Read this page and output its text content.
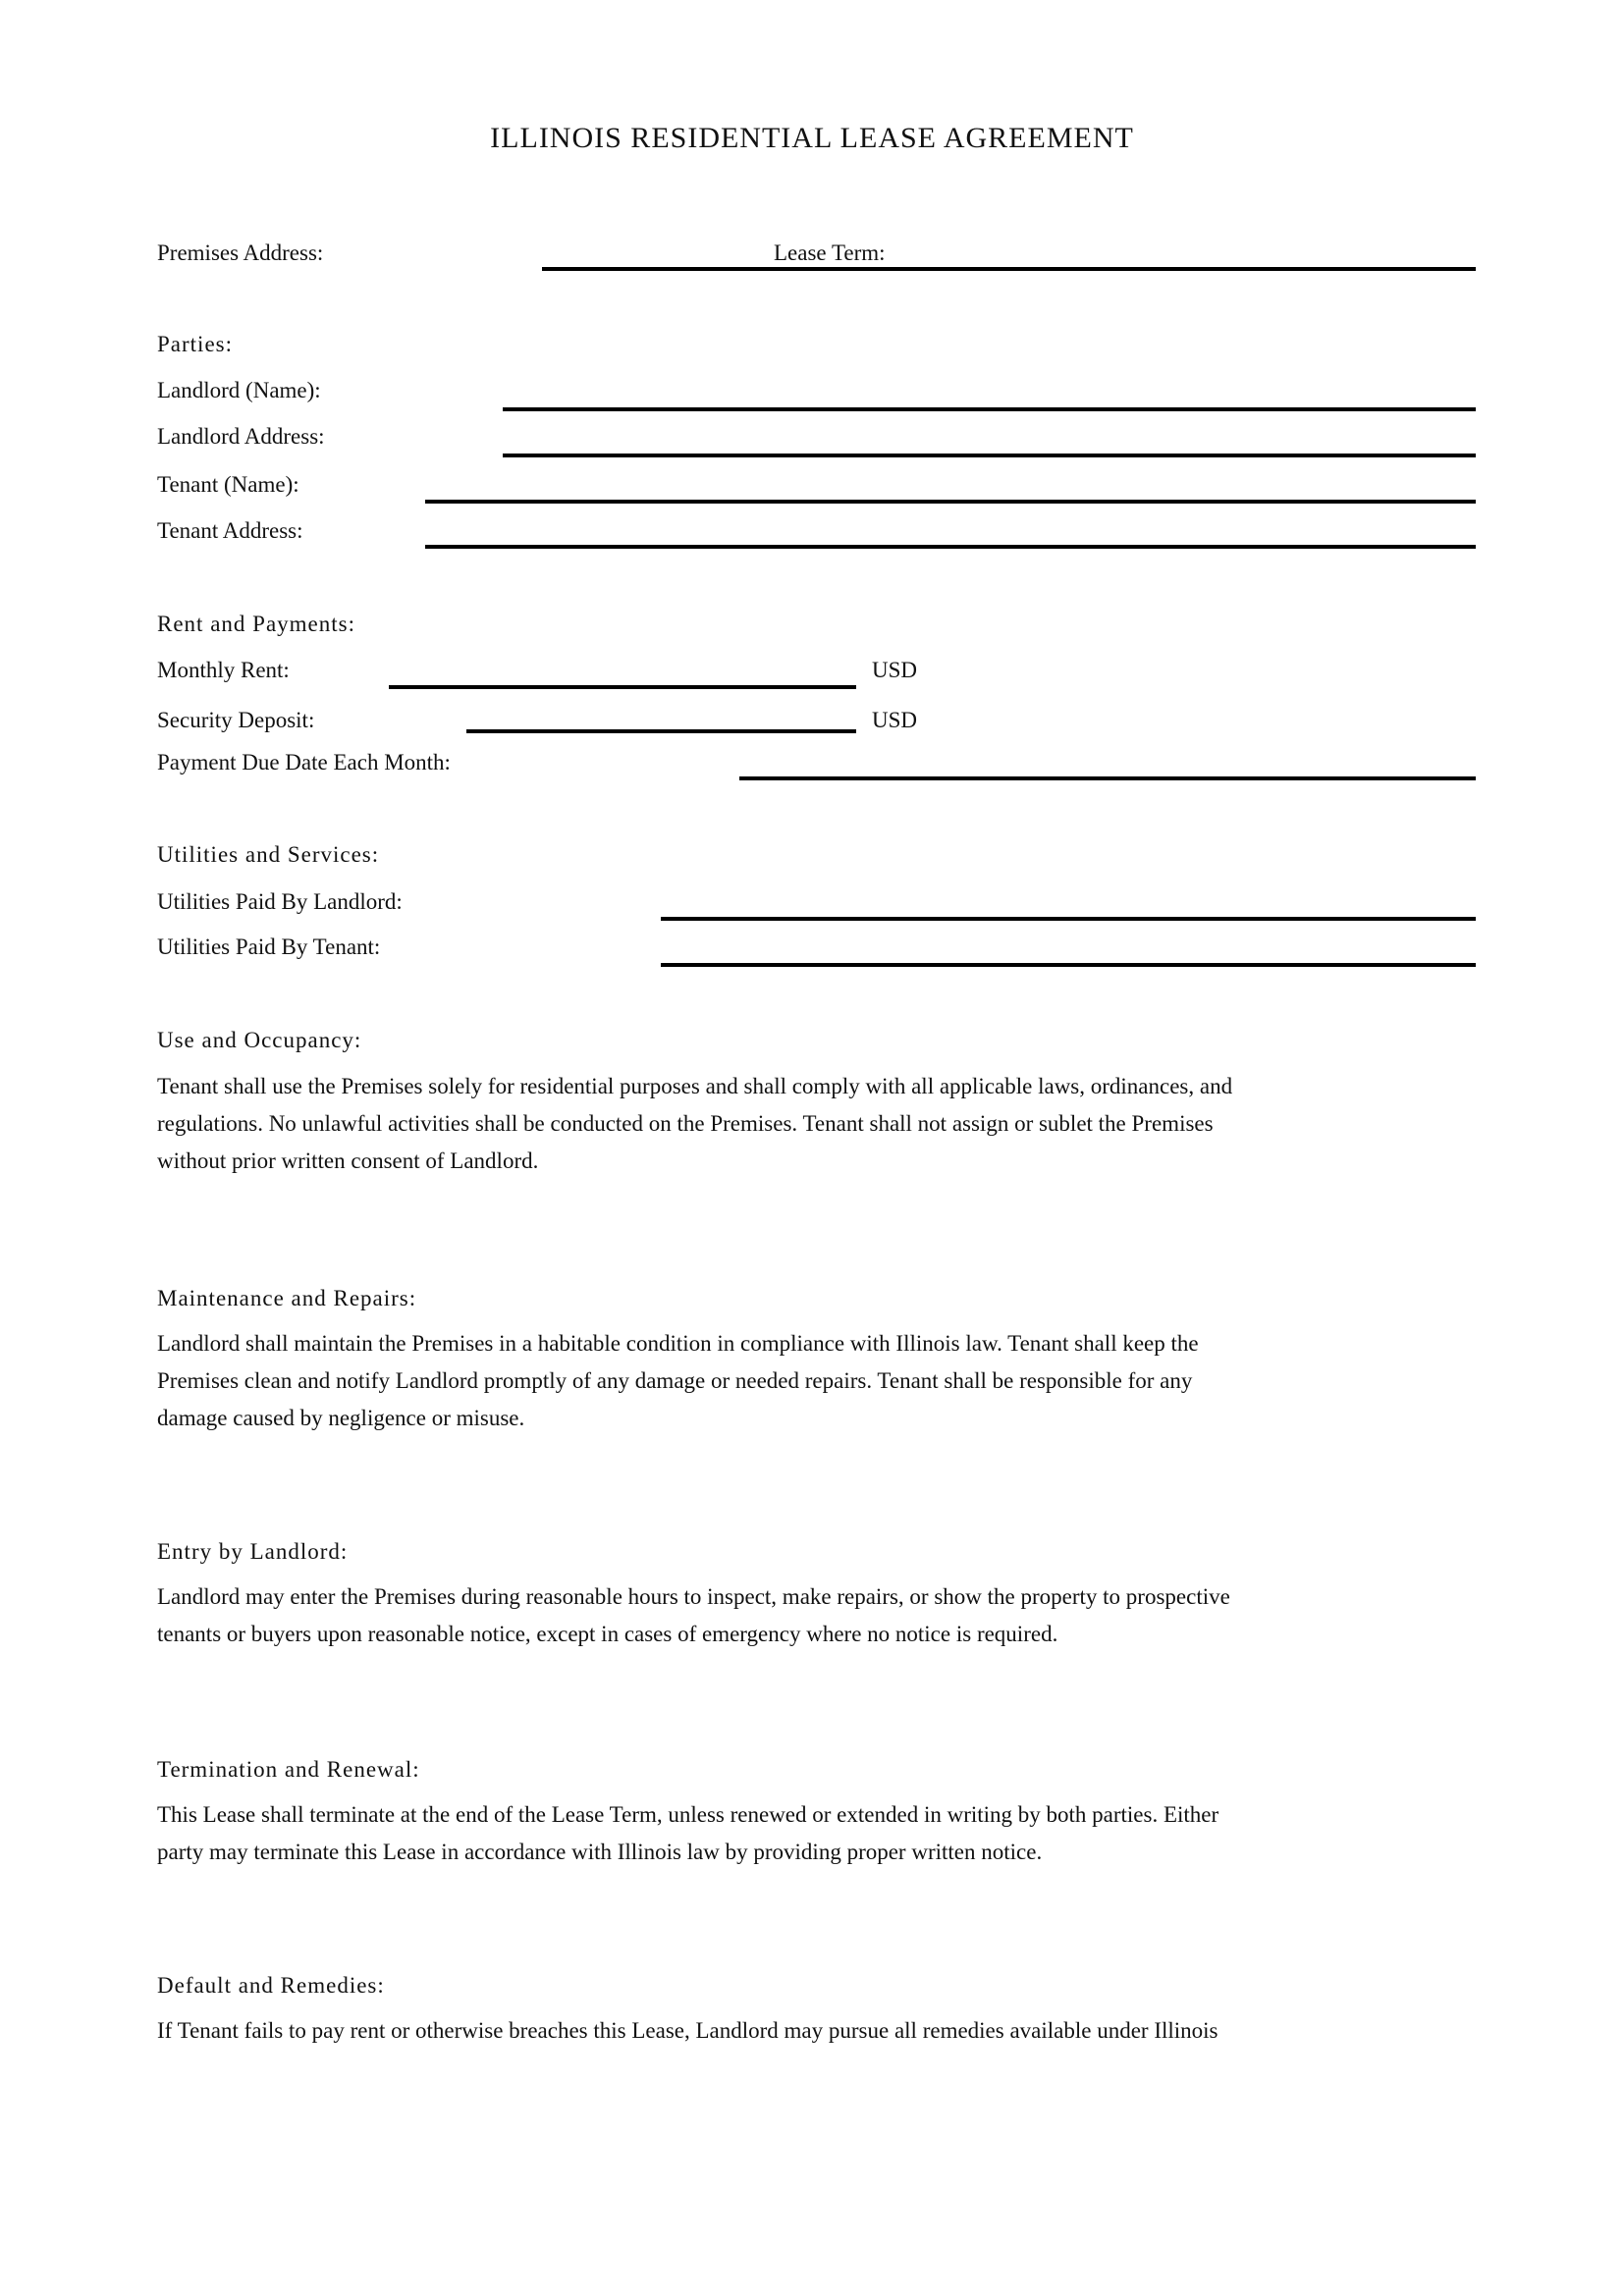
ILLINOIS RESIDENTIAL LEASE AGREEMENT
Premises Address:	Lease Term:
Parties:
Landlord (Name):
Landlord Address:
Tenant (Name):
Tenant Address:
Rent and Payments:
Monthly Rent:	USD
Security Deposit:	USD
Payment Due Date Each Month:
Utilities and Services:
Utilities Paid By Landlord:
Utilities Paid By Tenant:
Use and Occupancy:
Tenant shall use the Premises solely for residential purposes and shall comply with all applicable laws, ordinances, and
regulations. No unlawful activities shall be conducted on the Premises. Tenant shall not assign or sublet the Premises
without prior written consent of Landlord.
Maintenance and Repairs:
Landlord shall maintain the Premises in a habitable condition in compliance with Illinois law. Tenant shall keep the
Premises clean and notify Landlord promptly of any damage or needed repairs. Tenant shall be responsible for any
damage caused by negligence or misuse.
Entry by Landlord:
Landlord may enter the Premises during reasonable hours to inspect, make repairs, or show the property to prospective
tenants or buyers upon reasonable notice, except in cases of emergency where no notice is required.
Termination and Renewal:
This Lease shall terminate at the end of the Lease Term, unless renewed or extended in writing by both parties. Either
party may terminate this Lease in accordance with Illinois law by providing proper written notice.
Default and Remedies:
If Tenant fails to pay rent or otherwise breaches this Lease, Landlord may pursue all remedies available under Illinois
